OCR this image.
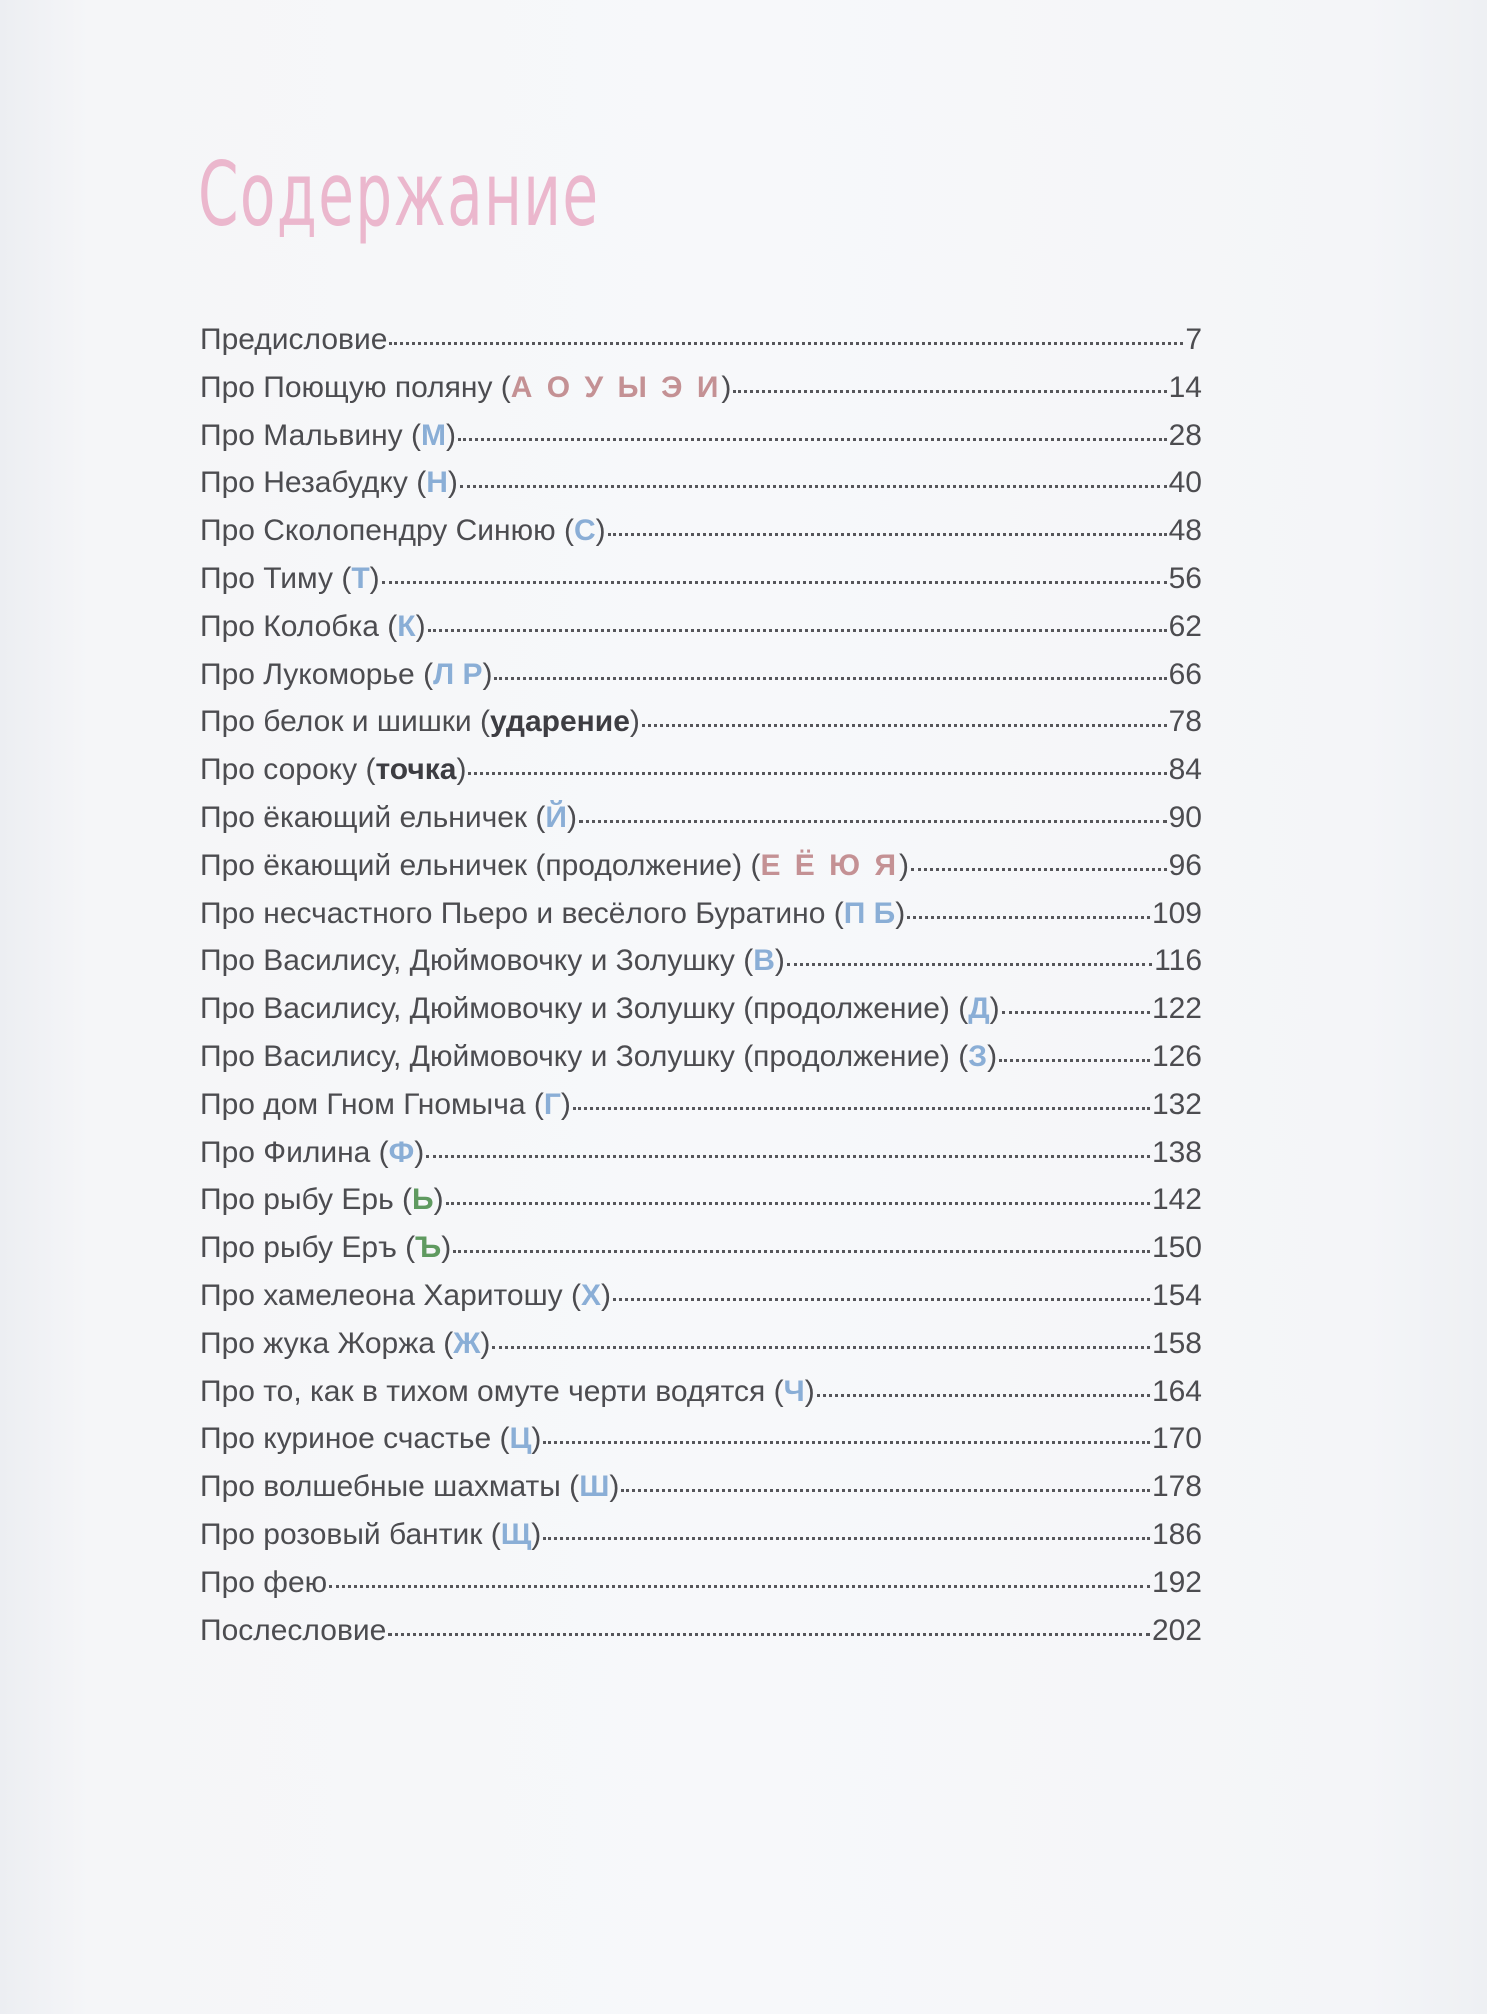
Содержание
Предисловие	7
Про Поющую поляну (А О У Ы Э И)	14
Про Мальвину (М)	28
Про Незабудку (Н)	40
Про Сколопендру Синюю (С)	48
Про Тиму (Т)	56
Про Колобка (К)	62
Про Лукоморье (Л Р)	66
Про белок и шишки (ударение)	78
Про сороку (точка)	84
Про ёкающий ельничек (Й)	90
Про ёкающий ельничек (продолжение) (Е Ё Ю Я)	96
Про несчастного Пьеро и весёлого Буратино (П Б)	109
Про Василису, Дюймовочку и Золушку (В)	116
Про Василису, Дюймовочку и Золушку (продолжение) (Д)	122
Про Василису, Дюймовочку и Золушку (продолжение) (З)	126
Про дом Гном Гномыча (Г)	132
Про Филина (Ф)	138
Про рыбу Ерь (Ь)	142
Про рыбу Еръ (Ъ)	150
Про хамелеона Харитошу (Х)	154
Про жука Жоржа (Ж)	158
Про то, как в тихом омуте черти водятся (Ч)	164
Про куриное счастье (Ц)	170
Про волшебные шахматы (Ш)	178
Про розовый бантик (Щ)	186
Про фею	192
Послесловие	202
